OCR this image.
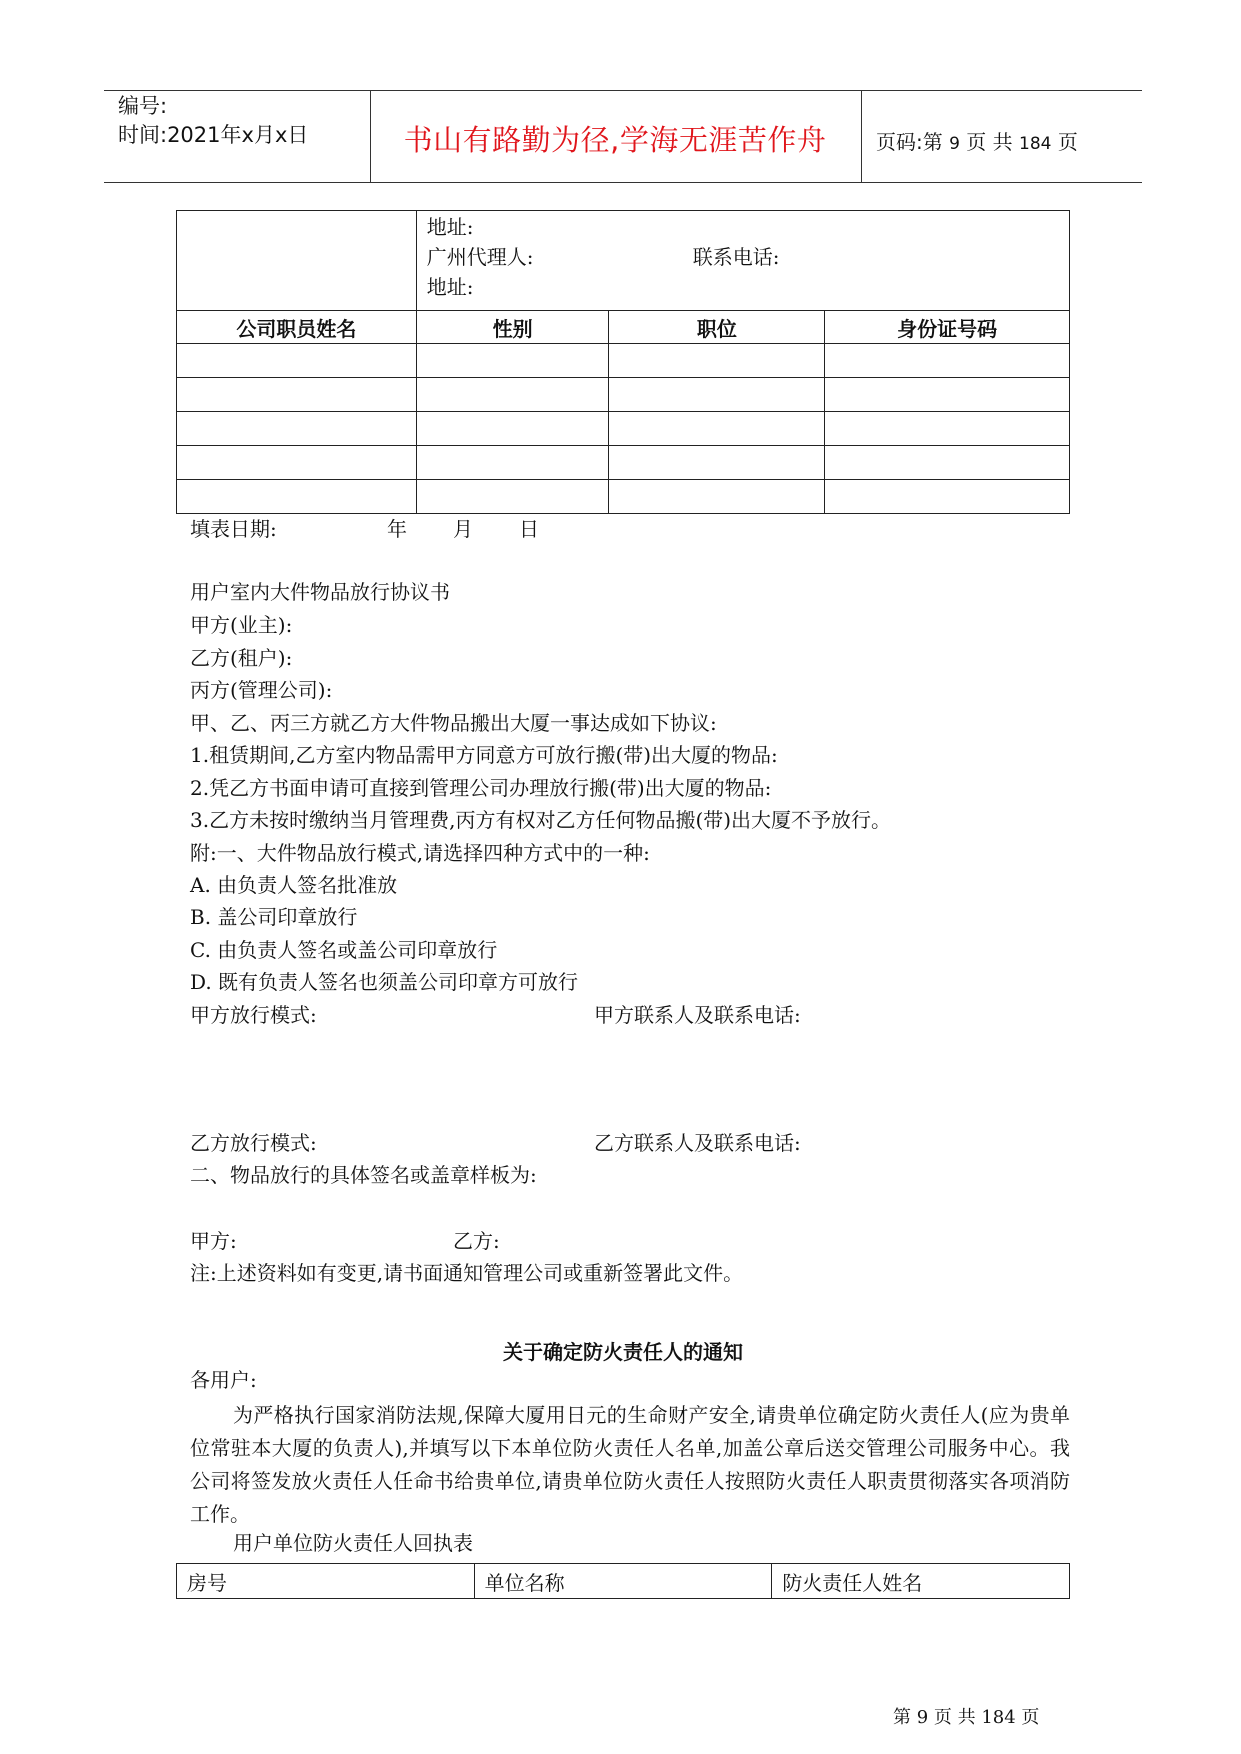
编号:
时间:2021年x月x日	书山有路勤为径,学海无涯苦作舟	页码:第 9 页 共 184 页

	地址:
广州代理人: 联系电话:
地址:		

公司职员姓名	性别	职位	身份证号码

填表日期:	年 月 日
用户室内大件物品放行协议书
甲方(业主):
乙方(租户):
丙方(管理公司):
甲、乙、丙三方就乙方大件物品搬出大厦一事达成如下协议:
1.租赁期间,乙方室内物品需甲方同意方可放行搬(带)出大厦的物品:
2.凭乙方书面申请可直接到管理公司办理放行搬(带)出大厦的物品:
3.乙方未按时缴纳当月管理费,丙方有权对乙方任何物品搬(带)出大厦不予放行。
附:一、大件物品放行模式,请选择四种方式中的一种:
A. 由负责人签名批准放
B. 盖公司印章放行
C. 由负责人签名或盖公司印章放行
D. 既有负责人签名也须盖公司印章方可放行
甲方放行模式:	甲方联系人及联系电话:
乙方放行模式:	乙方联系人及联系电话:
二、物品放行的具体签名或盖章样板为:
甲方:	乙方:
注:上述资料如有变更,请书面通知管理公司或重新签署此文件。
关于确定防火责任人的通知
各用户:
为严格执行国家消防法规,保障大厦用日元的生命财产安全,请贵单位确定防火责任人(应为贵单位常驻本大厦的负责人),并填写以下本单位防火责任人名单,加盖公章后送交管理公司服务中心。我公司将签发放火责任人任命书给贵单位,请贵单位防火责任人按照防火责任人职责贯彻落实各项消防工作。
用户单位防火责任人回执表
房号	单位名称	防火责任人姓名
第 9 页 共 184 页
